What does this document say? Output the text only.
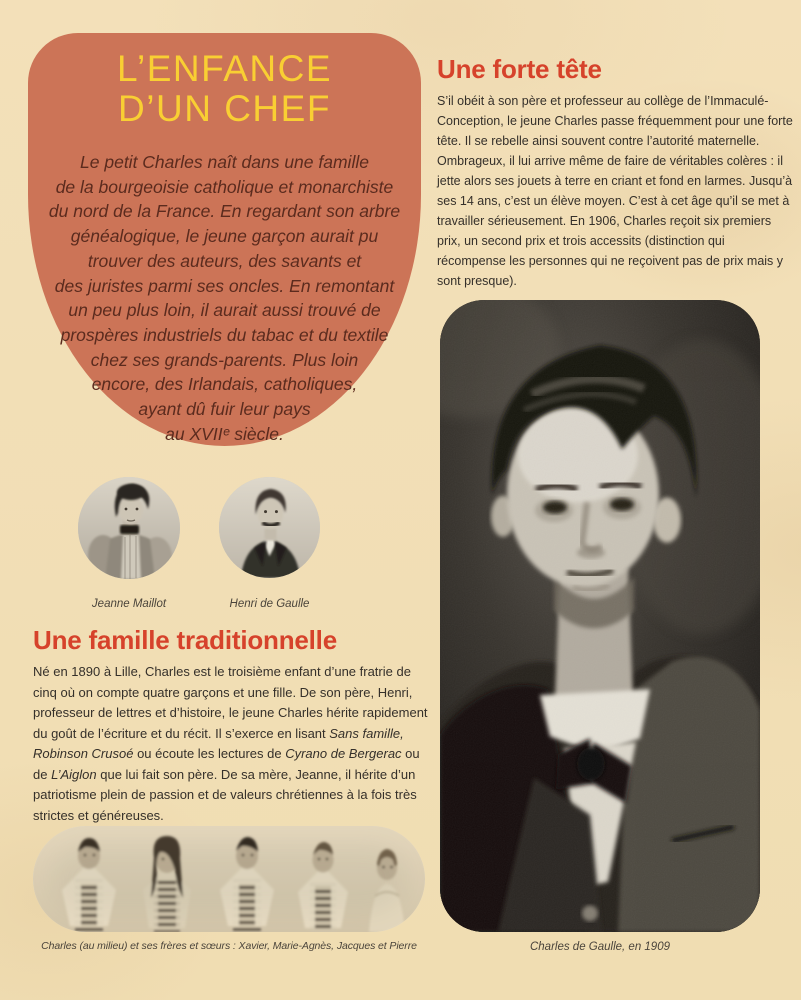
L’ENFANCE
D’UN CHEF
Le petit Charles naît dans une famille
de la bourgeoisie catholique et monarchiste
du nord de la France. En regardant son arbre
généalogique, le jeune garçon aurait pu
trouver des auteurs, des savants et
des juristes parmi ses oncles. En remontant
un peu plus loin, il aurait aussi trouvé de
prospères industriels du tabac et du textile
chez ses grands-parents. Plus loin
encore, des Irlandais, catholiques,
ayant dû fuir leur pays
au XVIIᵉ siècle.
Une forte tête
S’il obéit à son père et professeur au collège de l’Immaculé-Conception, le jeune Charles passe fréquemment pour une forte tête. Il se rebelle ainsi souvent contre l’autorité maternelle. Ombrageux, il lui arrive même de faire de véritables colères : il jette alors ses jouets à terre en criant et fond en larmes. Jusqu’à ses 14 ans, c’est un élève moyen. C’est à cet âge qu’il se met à travailler sérieusement. En 1906, Charles reçoit six premiers prix, un second prix et trois accessits (distinction qui récompense les personnes qui ne reçoivent pas de prix mais y sont presque).
Charles de Gaulle, en 1909
Jeanne Maillot	Henri de Gaulle
Une famille traditionnelle
Né en 1890 à Lille, Charles est le troisième enfant d’une fratrie de cinq où on compte quatre garçons et une fille. De son père, Henri, professeur de lettres et d’histoire, le jeune Charles hérite rapidement du goût de l’écriture et du récit. Il s’exerce en lisant Sans famille, Robinson Crusoé ou écoute les lectures de Cyrano de Bergerac ou de L’Aiglon que lui fait son père. De sa mère, Jeanne, il hérite d’un patriotisme plein de passion et de valeurs chrétiennes à la fois très strictes et généreuses.
Charles (au milieu) et ses frères et sœurs : Xavier, Marie-Agnès, Jacques et Pierre
